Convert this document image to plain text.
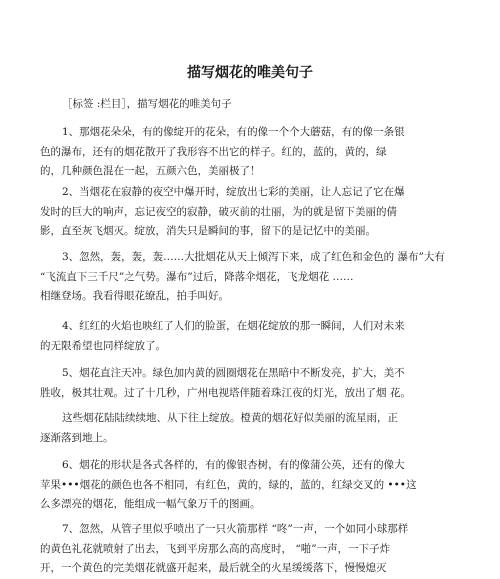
描写烟花的唯美句子

［标签 :栏目］，描写烟花的唯美句子

1、那烟花朵朵，有的像绽开的花朵，有的像一个个大蘑菇，有的像一条银
色的瀑布，还有的烟花散开了我形容不出它的样子。红的，蓝的，黄的，绿
的，几种颜色混在一起，五颜六色，美丽极了！
2、当烟花在寂静的夜空中爆开时，绽放出七彩的美丽，让人忘记了它在爆
发时的巨大的响声，忘记夜空的寂静，破灭前的壮丽，为的就是留下美丽的倩
影，直至灰飞烟灭。绽放，消失只是瞬间的事，留下的是记忆中的美丽。
3、忽然，轰，轰，轰……大批烟花从天上倾泻下来，成了红色和金色的 瀑布”大有
“飞流直下三千尺”之气势。瀑布”过后，降落伞烟花，飞龙烟花 ……
相继登场。我看得眼花缭乱，拍手叫好。
4、红红的火焰也映红了人们的脸蛋，在烟花绽放的那一瞬间，人们对未来
的无限希望也同样绽放了。
5、烟花直注天冲。绿色加内黄的圆圈烟花在黑暗中不断发亮，扩大，美不
胜收，极其壮观。过了十几秒，广州电视塔伴随着珠江夜的灯光，放出了烟 花。
这些烟花陆陆续续地、从下往上绽放。橙黄的烟花好似美丽的流星雨，正
逐渐落到地上。
6、烟花的形状是各式各样的，有的像银杏树，有的像蒲公英，还有的像大
苹果•••烟花的颜色也各不相同，有红色，黄的，绿的，蓝的，红绿交叉的 •••这
么多漂亮的烟花，能组成一幅气象万千的图画。
7、忽然，从管子里似乎喷出了一只火箭那样 “咚”一声，一个如同小球那样
的黄色礼花就喷射了出去，飞到平房那么高的高度时， “啪”一声，一下子炸
开，一个黄色的完美烟花就盛开起来，最后就全的火星缓缓落下，慢慢熄灭
